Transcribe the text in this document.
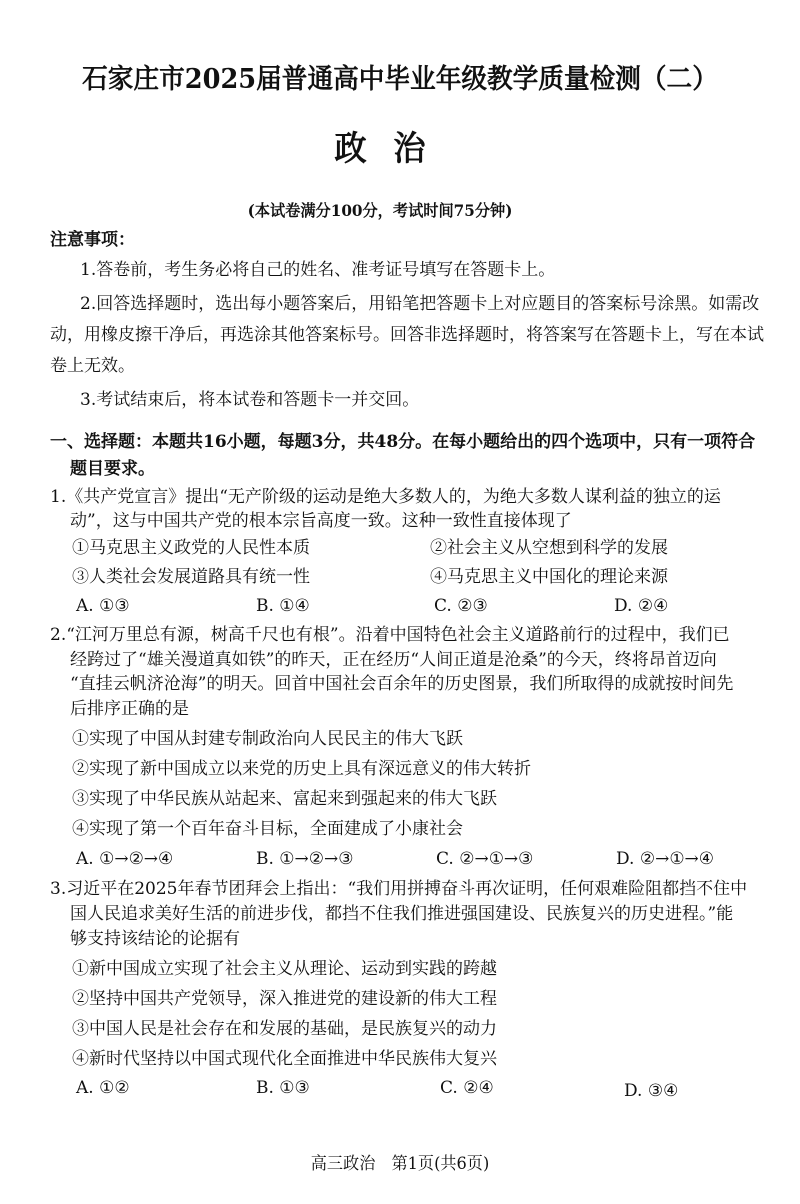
石家庄市2025届普通高中毕业年级教学质量检测（二）
政治
(本试卷满分100分，考试时间75分钟)
注意事项：
1.答卷前，考生务必将自己的姓名、准考证号填写在答题卡上。
2.回答选择题时，选出每小题答案后，用铅笔把答题卡上对应题目的答案标号涂黑。如需改
动，用橡皮擦干净后，再选涂其他答案标号。回答非选择题时，将答案写在答题卡上，写在本试
卷上无效。
3.考试结束后，将本试卷和答题卡一并交回。
一、选择题：本题共16小题，每题3分，共48分。在每小题给出的四个选项中，只有一项符合
题目要求。
1.《共产党宣言》提出“无产阶级的运动是绝大多数人的，为绝大多数人谋利益的独立的运
动”，这与中国共产党的根本宗旨高度一致。这种一致性直接体现了
①马克思主义政党的人民性本质	②社会主义从空想到科学的发展
③人类社会发展道路具有统一性	④马克思主义中国化的理论来源
A. ①③	B. ①④	C. ②③	D. ②④
2.“江河万里总有源，树高千尺也有根”。沿着中国特色社会主义道路前行的过程中，我们已
经跨过了“雄关漫道真如铁”的昨天，正在经历“人间正道是沧桑”的今天，终将昂首迈向
“直挂云帆济沧海”的明天。回首中国社会百余年的历史图景，我们所取得的成就按时间先
后排序正确的是
①实现了中国从封建专制政治向人民民主的伟大飞跃
②实现了新中国成立以来党的历史上具有深远意义的伟大转折
③实现了中华民族从站起来、富起来到强起来的伟大飞跃
④实现了第一个百年奋斗目标，全面建成了小康社会
A. ①→②→④	B. ①→②→③	C. ②→①→③	D. ②→①→④
3.习近平在2025年春节团拜会上指出：“我们用拼搏奋斗再次证明，任何艰难险阻都挡不住中
国人民追求美好生活的前进步伐，都挡不住我们推进强国建设、民族复兴的历史进程。”能
够支持该结论的论据有
①新中国成立实现了社会主义从理论、运动到实践的跨越
②坚持中国共产党领导，深入推进党的建设新的伟大工程
③中国人民是社会存在和发展的基础，是民族复兴的动力
④新时代坚持以中国式现代化全面推进中华民族伟大复兴
A. ①②	B. ①③	C. ②④	D. ③④
高三政治　第1页(共6页)
